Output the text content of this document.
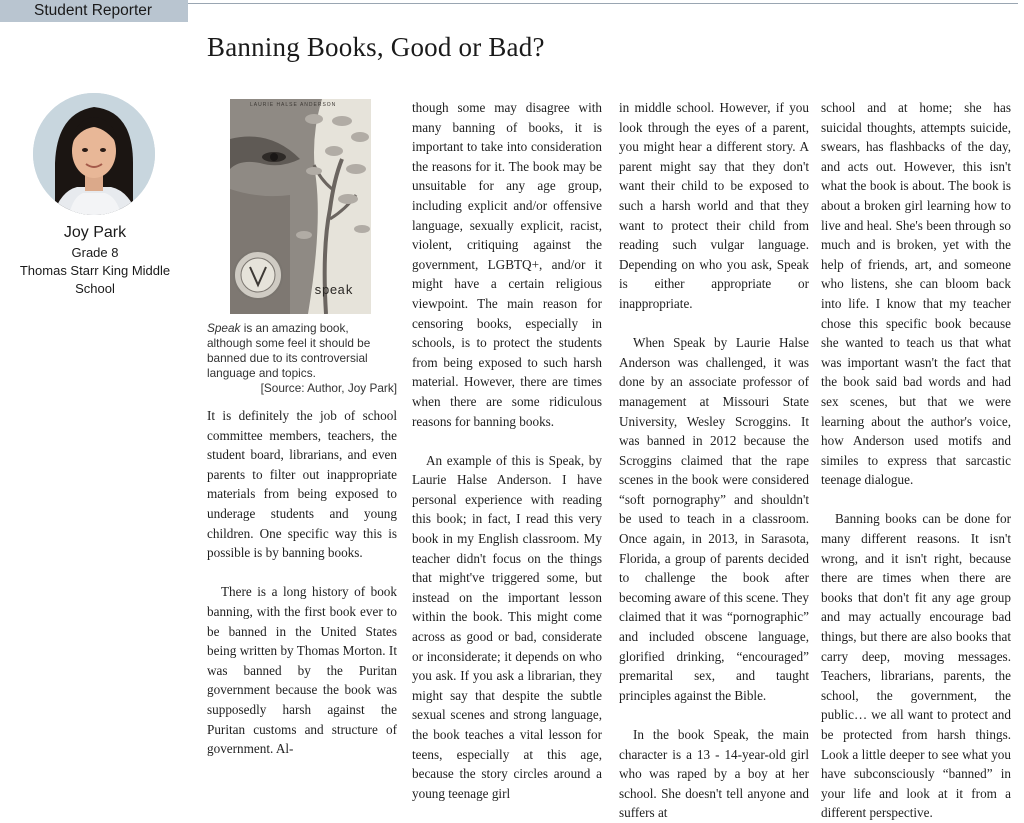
Student Reporter
Banning Books, Good or Bad?
Joy Park
Grade 8
Thomas Starr King Middle School
LAURIE HALSE ANDERSON
speak

Speak is an amazing book, although some feel it should be banned due to its controversial language and topics.

[Source: Author, Joy Park]

It is definitely the job of school committee members, teachers, the student board, librarians, and even parents to filter out inappropriate materials from being exposed to underage students and young children. One specific way this is possible is by banning books.

There is a long history of book banning, with the first book ever to be banned in the United States being written by Thomas Morton. It was banned by the Puritan government because the book was supposedly harsh against the Puritan customs and structure of government. Al-

though some may disagree with many banning of books, it is important to take into consideration the reasons for it. The book may be unsuitable for any age group, including explicit and/or offensive language, sexually explicit, racist, violent, critiquing against the government, LGBTQ+, and/or it might have a certain religious viewpoint. The main reason for censoring books, especially in schools, is to protect the students from being exposed to such harsh material. However, there are times when there are some ridiculous reasons for banning books.

An example of this is Speak, by Laurie Halse Anderson. I have personal experience with reading this book; in fact, I read this very book in my English classroom. My teacher didn't focus on the things that might've triggered some, but instead on the important lesson within the book. This might come across as good or bad, considerate or inconsiderate; it depends on who you ask. If you ask a librarian, they might say that despite the subtle sexual scenes and strong language, the book teaches a vital lesson for teens, especially at this age, because the story circles around a young teenage girl

in middle school. However, if you look through the eyes of a parent, you might hear a different story. A parent might say that they don't want their child to be exposed to such a harsh world and that they want to protect their child from reading such vulgar language. Depending on who you ask, Speak is either appropriate or inappropriate.

When Speak by Laurie Halse Anderson was challenged, it was done by an associate professor of management at Missouri State University, Wesley Scroggins. It was banned in 2012 because the Scroggins claimed that the rape scenes in the book were considered “soft pornography” and shouldn't be used to teach in a classroom. Once again, in 2013, in Sarasota, Florida, a group of parents decided to challenge the book after becoming aware of this scene. They claimed that it was “pornographic” and included obscene language, glorified drinking, “encouraged” premarital sex, and taught principles against the Bible.

In the book Speak, the main character is a 13 - 14-year-old girl who was raped by a boy at her school. She doesn't tell anyone and suffers at

school and at home; she has suicidal thoughts, attempts suicide, swears, has flashbacks of the day, and acts out. However, this isn't what the book is about. The book is about a broken girl learning how to live and heal. She's been through so much and is broken, yet with the help of friends, art, and someone who listens, she can bloom back into life. I know that my teacher chose this specific book because she wanted to teach us that what was important wasn't the fact that the book said bad words and had sex scenes, but that we were learning about the author's voice, how Anderson used motifs and similes to express that sarcastic teenage dialogue.

Banning books can be done for many different reasons. It isn't wrong, and it isn't right, because there are times when there are books that don't fit any age group and may actually encourage bad things, but there are also books that carry deep, moving messages. Teachers, librarians, parents, the school, the government, the public… we all want to protect and be protected from harsh things. Look a little deeper to see what you have subconsciously “banned” in your life and look at it from a different perspective.
